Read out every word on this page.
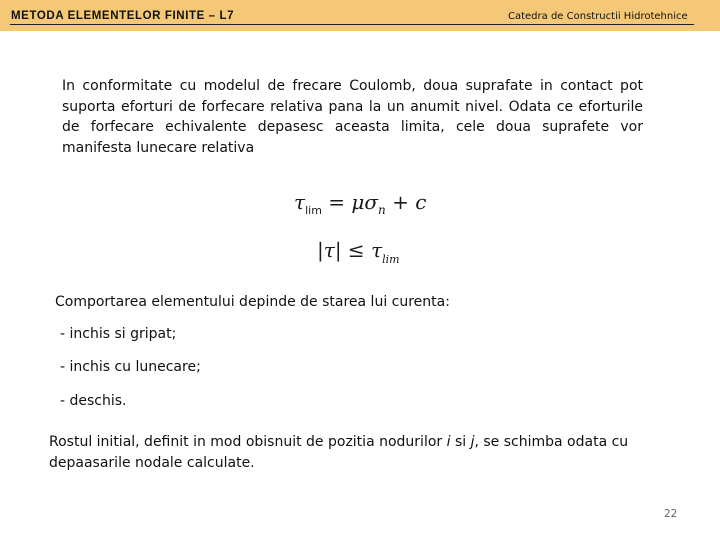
METODA ELEMENTELOR FINITE – L7	Catedra de Constructii Hidrotehnice
In conformitate cu modelul de frecare Coulomb, doua suprafate in contact pot suporta eforturi de forfecare relativa pana la un anumit nivel. Odata ce eforturile de forfecare echivalente depasesc aceasta limita, cele doua suprafete vor manifesta lunecare relativa
$\tau_{lim} = \mu\sigma_n + c$
$|\tau| \le \tau_{lim}$
Comportarea elementului depinde de starea lui curenta:
- inchis si gripat;
- inchis cu lunecare;
- deschis.
Rostul initial, definit in mod obisnuit de pozitia nodurilor i si j, se schimba odata cu depaasarile nodale calculate.
22
